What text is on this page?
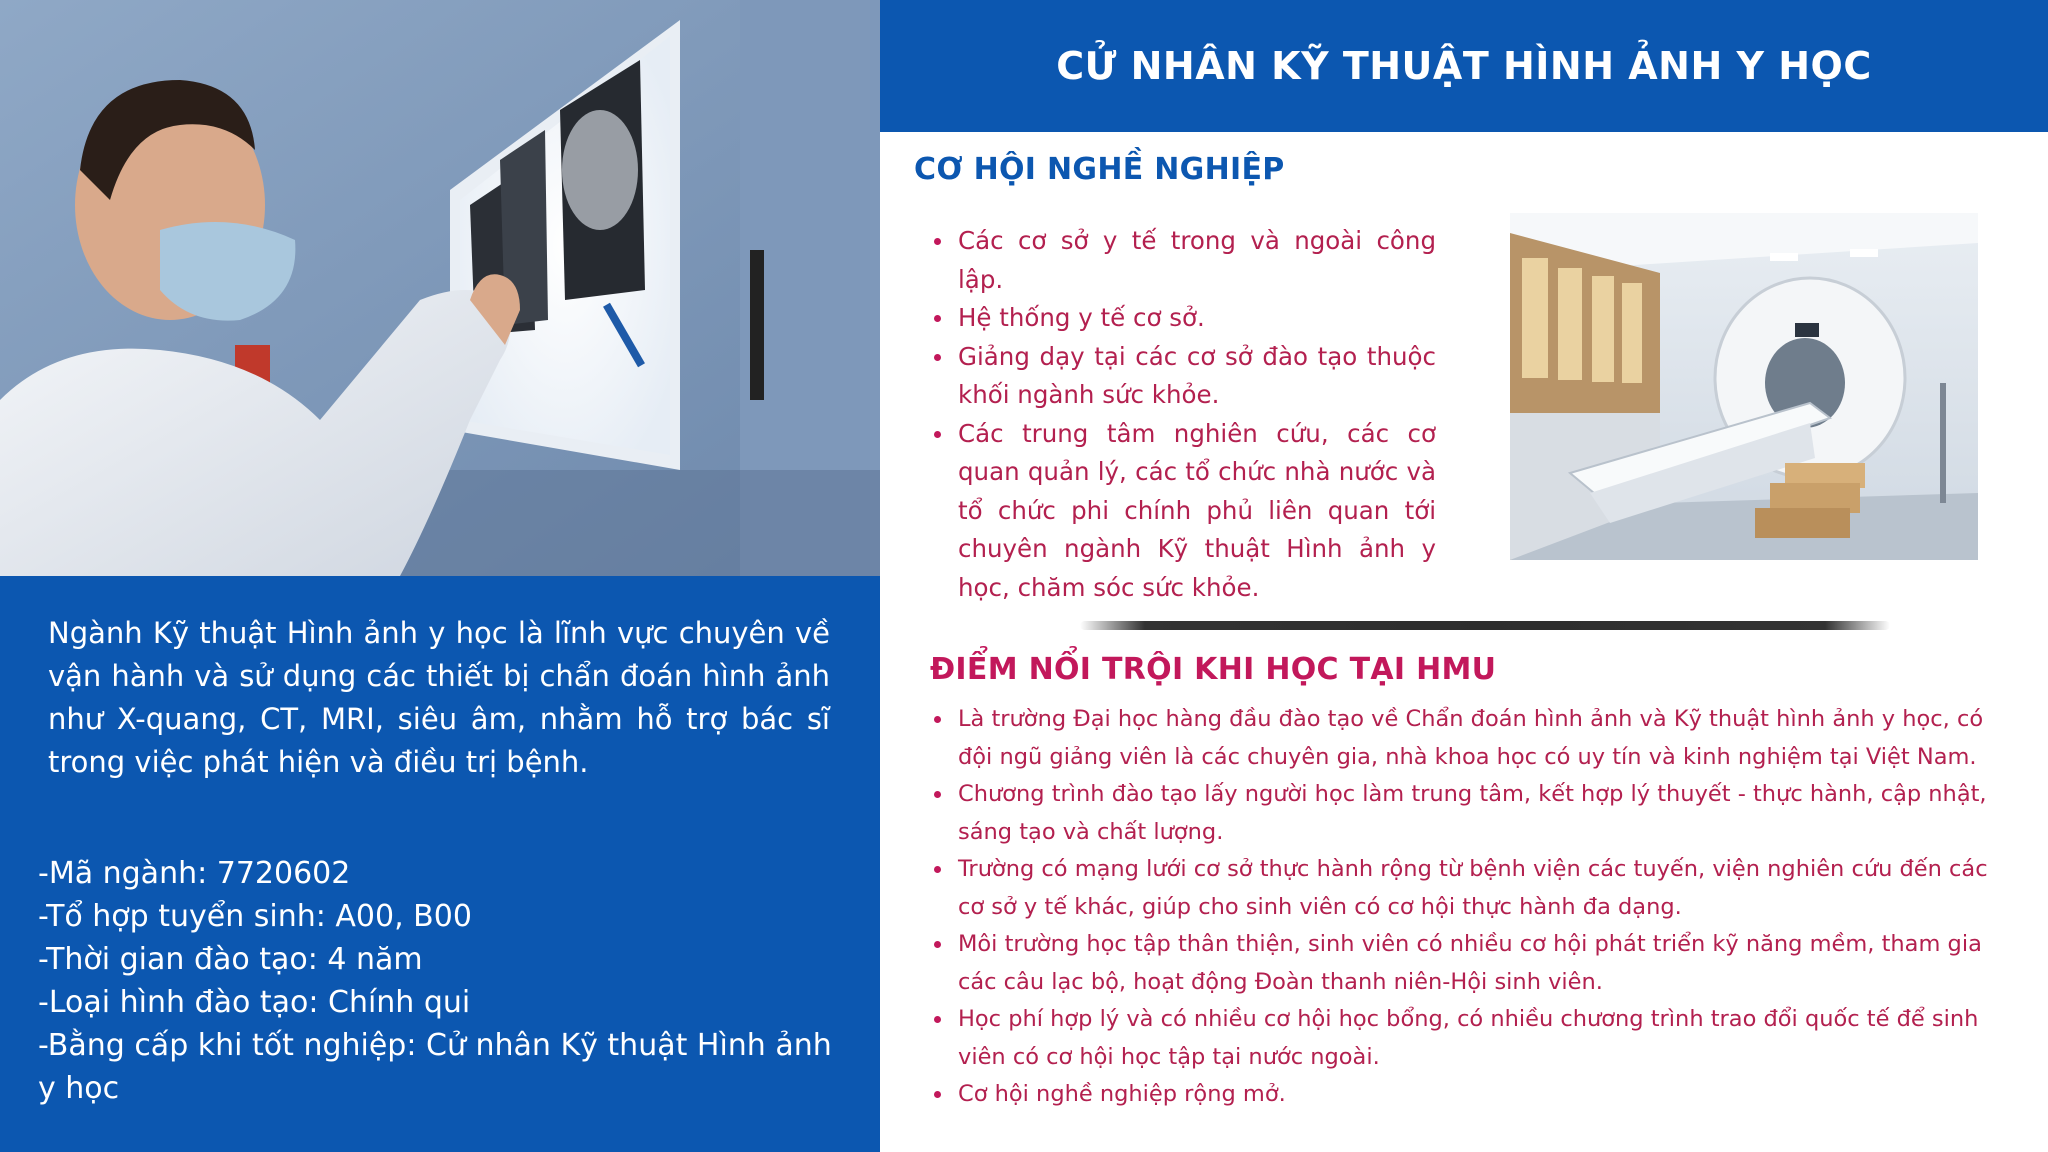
Ngành Kỹ thuật Hình ảnh y học là lĩnh vực chuyên về vận hành và sử dụng các thiết bị chẩn đoán hình ảnh như X-quang, CT, MRI, siêu âm, nhằm hỗ trợ bác sĩ trong việc phát hiện và điều trị bệnh.

-Mã ngành: 7720602
-Tổ hợp tuyển sinh: A00, B00
-Thời gian đào tạo: 4 năm
-Loại hình đào tạo: Chính qui
-Bằng cấp khi tốt nghiệp: Cử nhân Kỹ thuật Hình ảnh y học
CỬ NHÂN KỸ THUẬT HÌNH ẢNH Y HỌC
CƠ HỘI NGHỀ NGHIỆP
Các cơ sở y tế trong và ngoài công lập.
Hệ thống y tế cơ sở.
Giảng dạy tại các cơ sở đào tạo thuộc khối ngành sức khỏe.
Các trung tâm nghiên cứu, các cơ quan quản lý, các tổ chức nhà nước và tổ chức phi chính phủ liên quan tới chuyên ngành Kỹ thuật Hình ảnh y học, chăm sóc sức khỏe.
ĐIỂM NỔI TRỘI KHI HỌC TẠI HMU
Là trường Đại học hàng đầu đào tạo về Chẩn đoán hình ảnh và Kỹ thuật hình ảnh y học, có đội ngũ giảng viên là các chuyên gia, nhà khoa học có uy tín và kinh nghiệm tại Việt Nam.
Chương trình đào tạo lấy người học làm trung tâm, kết hợp lý thuyết - thực hành, cập nhật, sáng tạo và chất lượng.
Trường có mạng lưới cơ sở thực hành rộng từ bệnh viện các tuyến, viện nghiên cứu đến các cơ sở y tế khác, giúp cho sinh viên có cơ hội thực hành đa dạng.
Môi trường học tập thân thiện, sinh viên có nhiều cơ hội phát triển kỹ năng mềm, tham gia các câu lạc bộ, hoạt động Đoàn thanh niên-Hội sinh viên.
Học phí hợp lý và có nhiều cơ hội học bổng, có nhiều chương trình trao đổi quốc tế để sinh viên có cơ hội học tập tại nước ngoài.
Cơ hội nghề nghiệp rộng mở.
